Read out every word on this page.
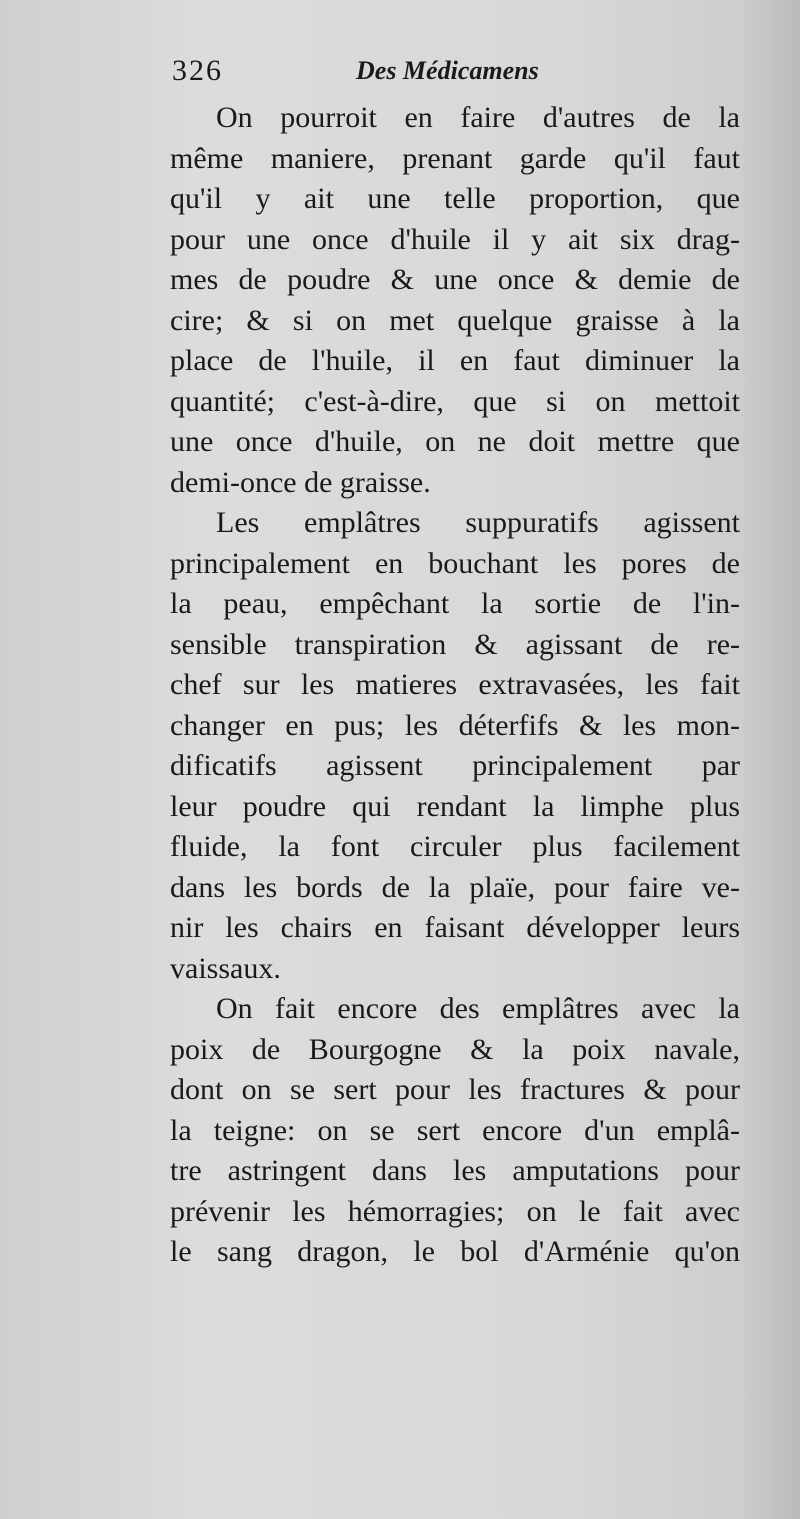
326	Des Médicamens
On pourroit en faire d'autres de la
même maniere, prenant garde qu'il faut
qu'il y ait une telle proportion, que
pour une once d'huile il y ait six drag-
mes de poudre & une once & demie de
cire; & si on met quelque graisse à la
place de l'huile, il en faut diminuer la
quantité; c'est-à-dire, que si on mettoit
une once d'huile, on ne doit mettre que
demi-once de graisse.
Les emplâtres suppuratifs agissent
principalement en bouchant les pores de
la peau, empêchant la sortie de l'in-
sensible transpiration & agissant de re-
chef sur les matieres extravasées, les fait
changer en pus; les déterfifs & les mon-
dificatifs agissent principalement par
leur poudre qui rendant la limphe plus
fluide, la font circuler plus facilement
dans les bords de la plaïe, pour faire ve-
nir les chairs en faisant développer leurs
vaissaux.
On fait encore des emplâtres avec la
poix de Bourgogne & la poix navale,
dont on se sert pour les fractures & pour
la teigne: on se sert encore d'un emplâ-
tre astringent dans les amputations pour
prévenir les hémorragies; on le fait avec
le sang dragon, le bol d'Arménie qu'on
